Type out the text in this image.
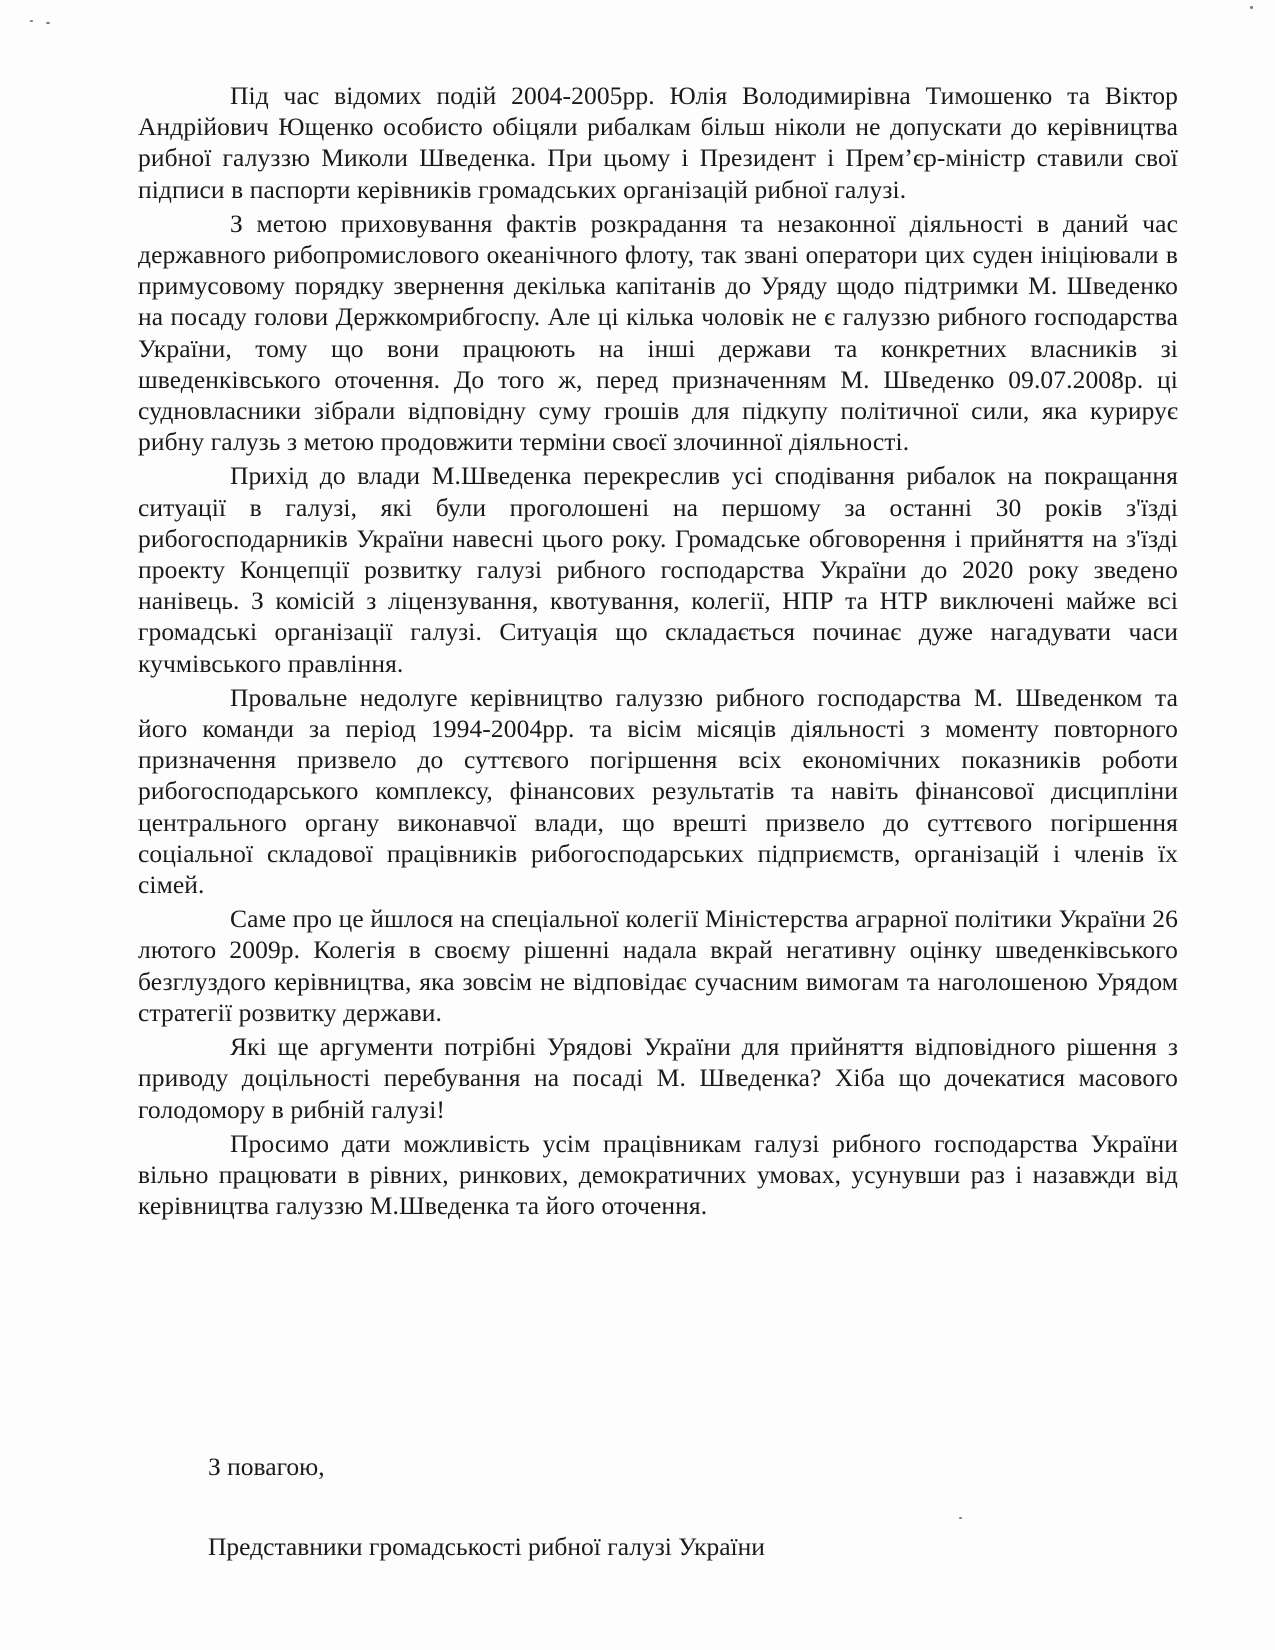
Під час відомих подій 2004-2005рр. Юлія Володимирівна Тимошенко та Віктор Андрійович Ющенко особисто обіцяли рибалкам більш ніколи не допускати до керівництва рибної галуззю Миколи Шведенка. При цьому і Президент і Прем’єр-міністр ставили свої підписи в паспорти керівників громадських організацій рибної галузі.

З метою приховування фактів розкрадання та незаконної діяльності в даний час державного рибопромислового океанічного флоту, так звані оператори цих суден ініціювали в примусовому порядку звернення декілька капітанів до Уряду щодо підтримки М. Шведенко на посаду голови Держкомрибгоспу. Але ці кілька чоловік не є галуззю рибного господарства України, тому що вони працюють на інші держави та конкретних власників зі шведенківського оточення. До того ж, перед призначенням М. Шведенко 09.07.2008р. ці судновласники зібрали відповідну суму грошів для підкупу політичної сили, яка курирує рибну галузь з метою продовжити терміни своєї злочинної діяльності.

Прихід до влади М.Шведенка перекреслив усі сподівання рибалок на покращання ситуації в галузі, які були проголошені на першому за останні 30 років з'їзді рибогосподарників України навесні цього року. Громадське обговорення і прийняття на з'їзді проекту Концепції розвитку галузі рибного господарства України до 2020 року зведено нанівець. З комісій з ліцензування, квотування, колегії, НПР та НТР виключені майже всі громадські організації галузі. Ситуація що складається починає дуже нагадувати часи кучмівського правління.

Провальне недолуге керівництво галуззю рибного господарства М. Шведенком та його команди за період 1994-2004рр. та вісім місяців діяльності з моменту повторного призначення призвело до суттєвого погіршення всіх економічних показників роботи рибогосподарського комплексу, фінансових результатів та навіть фінансової дисципліни центрального органу виконавчої влади, що врешті призвело до суттєвого погіршення соціальної складової працівників рибогосподарських підприємств, організацій і членів їх сімей.

Саме про це йшлося на спеціальної колегії Міністерства аграрної політики України 26 лютого 2009р. Колегія в своєму рішенні надала вкрай негативну оцінку шведенківського безглуздого керівництва, яка зовсім не відповідає сучасним вимогам та наголошеною Урядом стратегії розвитку держави.

Які ще аргументи потрібні Урядові України для прийняття відповідного рішення з приводу доцільності перебування на посаді М. Шведенка? Хіба що дочекатися масового голодомору в рибній галузі!

Просимо дати можливість усім працівникам галузі рибного господарства України вільно працювати в рівних, ринкових, демократичних умовах, усунувши раз і назавжди від керівництва галуззю М.Шведенка та його оточення.

З повагою,
Представники громадськості рибної галузі України
